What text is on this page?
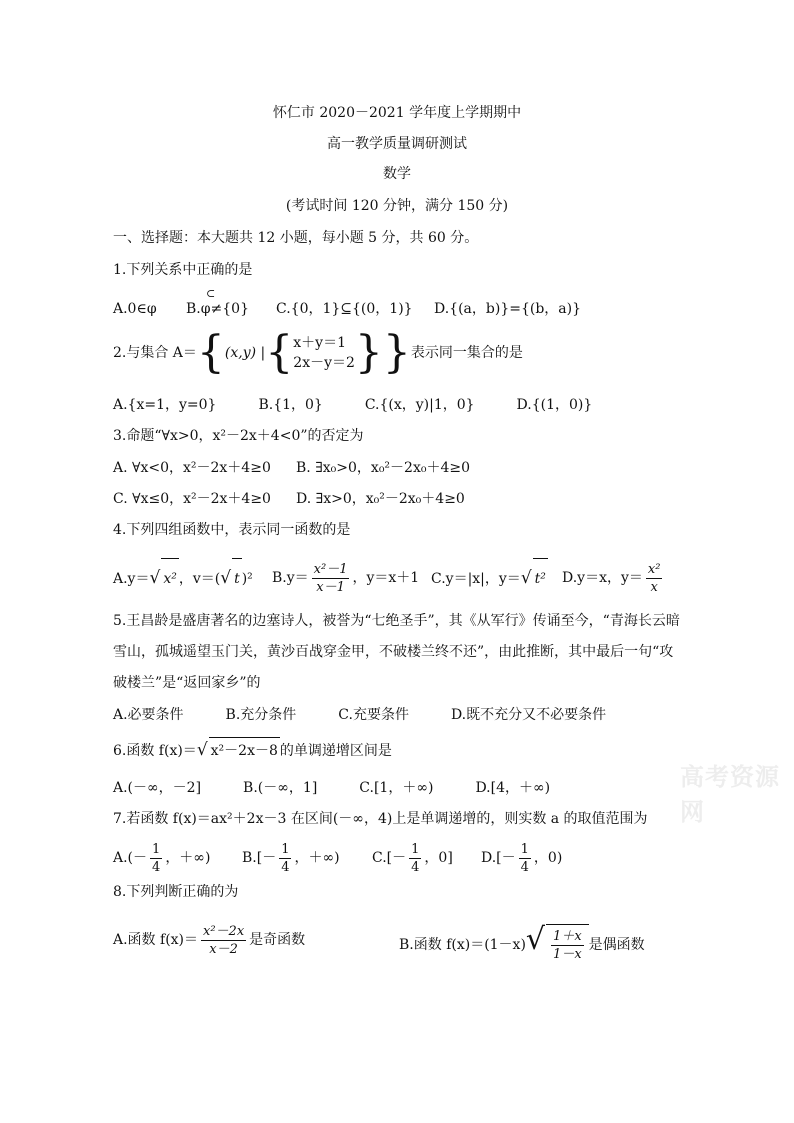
怀仁市 2020－2021 学年度上学期期中
高一教学质量调研测试
数学
(考试时间 120 分钟，满分 150 分)
一、选择题：本大题共 12 小题，每小题 5 分，共 60 分。
1.下列关系中正确的是
A.0∈φ
⊂
B.φ≠{0} C.{0，1}⊆{(0，1)} D.{(a，b)}={(b，a)}
2.与集合 A＝{(x,y) |{ x＋y＝1
2x－y＝2 }}表示同一集合的是
A.{x=1，y=0}　　　B.{1，0}　　　C.{(x，y)|1，0}　　　D.{(1，0)}
3.命题“∀x>0，x²－2x＋4<0”的否定为
A. ∀x<0，x²－2x＋4≥0 B. ∃x₀>0，x₀²－2x₀＋4≥0
C. ∀x≤0，x²－2x＋4≥0 D. ∃x>0，x₀²－2x₀＋4≥0
4.下列四组函数中，表示同一函数的是
A.y＝√ x² ，v＝(√ t )² $B.y= \frac{\text{x²－1}}{x-1}$ ，y＝x＋1 C.y＝|x|，y＝√ t² D.y＝x，$y= \frac{\text{x²}}{x}$
5.王昌龄是盛唐著名的边塞诗人，被誉为“七绝圣手”，其《从军行》传诵至今，“青海长云暗
雪山，孤城遥望玉门关，黄沙百战穿金甲，不破楼兰终不还”，由此推断，其中最后一句“攻
破楼兰”是“返回家乡”的
A.必要条件　　　B.充分条件　　　C.充要条件　　　D.既不充分又不必要条件
6.函数 f(x)＝√ x²－2x－8 的单调递增区间是
A.(－∞，－2]　　　B.(－∞，1]　　　C.[1，＋∞)　　　D.[4，＋∞)
7.若函数 f(x)＝ax²＋2x－3 在区间(－∞，4)上是单调递增的，则实数 a 的取值范围为
$A.(- \frac{1}{4}$ ，＋∞) $B.[- \frac{1}{4}$ ，＋∞) $C.[- \frac{1}{4}$ ，0] $D.[- \frac{1}{4}$ ，0)
8.下列判断正确的为
A.函数 $f(x)= \frac{\text{x²－2x}}{x-2}$ 是奇函数	B.函数 $f(x)=(1-x)√ \frac{1+x}{1-x}$ 是偶函数
高考资源网
